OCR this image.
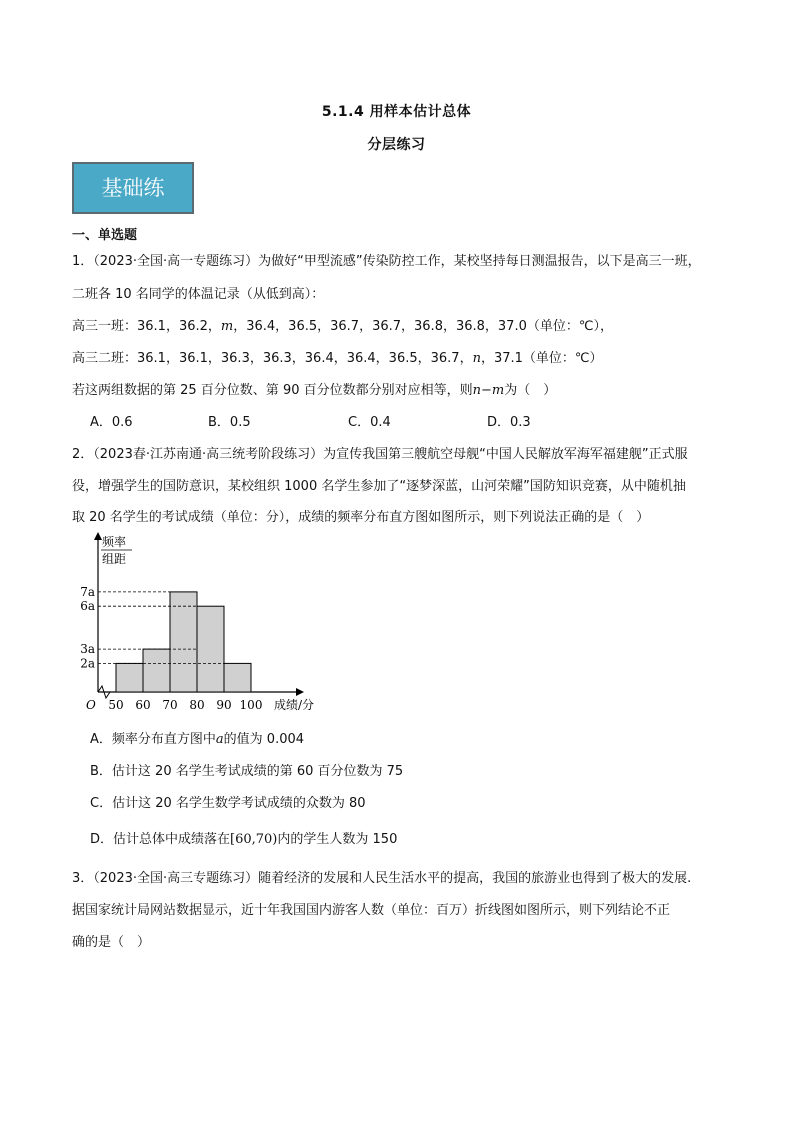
5.1.4 用样本估计总体
分层练习
基础练
一、单选题
1．（2023·全国·高一专题练习）为做好“甲型流感”传染防控工作，某校坚持每日测温报告，以下是高三一班，
二班各 10 名同学的体温记录（从低到高）：
高三一班：36.1，36.2，m，36.4，36.5，36.7，36.7，36.8，36.8，37.0（单位：℃），
高三二班：36.1，36.1，36.3，36.3，36.4，36.4，36.5，36.7，n，37.1（单位：℃）
若这两组数据的第 25 百分位数、第 90 百分位数都分别对应相等，则n−m为（　）
A．0.6	B．0.5	C．0.4	D．0.3
2．（2023春·江苏南通·高三统考阶段练习）为宣传我国第三艘航空母舰“中国人民解放军海军福建舰”正式服
役，增强学生的国防意识，某校组织 1000 名学生参加了“逐梦深蓝，山河荣耀”国防知识竞赛，从中随机抽
取 20 名学生的考试成绩（单位：分），成绩的频率分布直方图如图所示，则下列说法正确的是（　）
2a
3a
6a
7a
50 60 70 80 90 100
O
频率
组距
成绩/分
A．频率分布直方图中a的值为 0.004
B．估计这 20 名学生考试成绩的第 60 百分位数为 75
C．估计这 20 名学生数学考试成绩的众数为 80
D．估计总体中成绩落在[60,70)内的学生人数为 150
3．（2023·全国·高三专题练习）随着经济的发展和人民生活水平的提高，我国的旅游业也得到了极大的发展.
据国家统计局网站数据显示，近十年我国国内游客人数（单位：百万）折线图如图所示，则下列结论不正
确的是（　）
